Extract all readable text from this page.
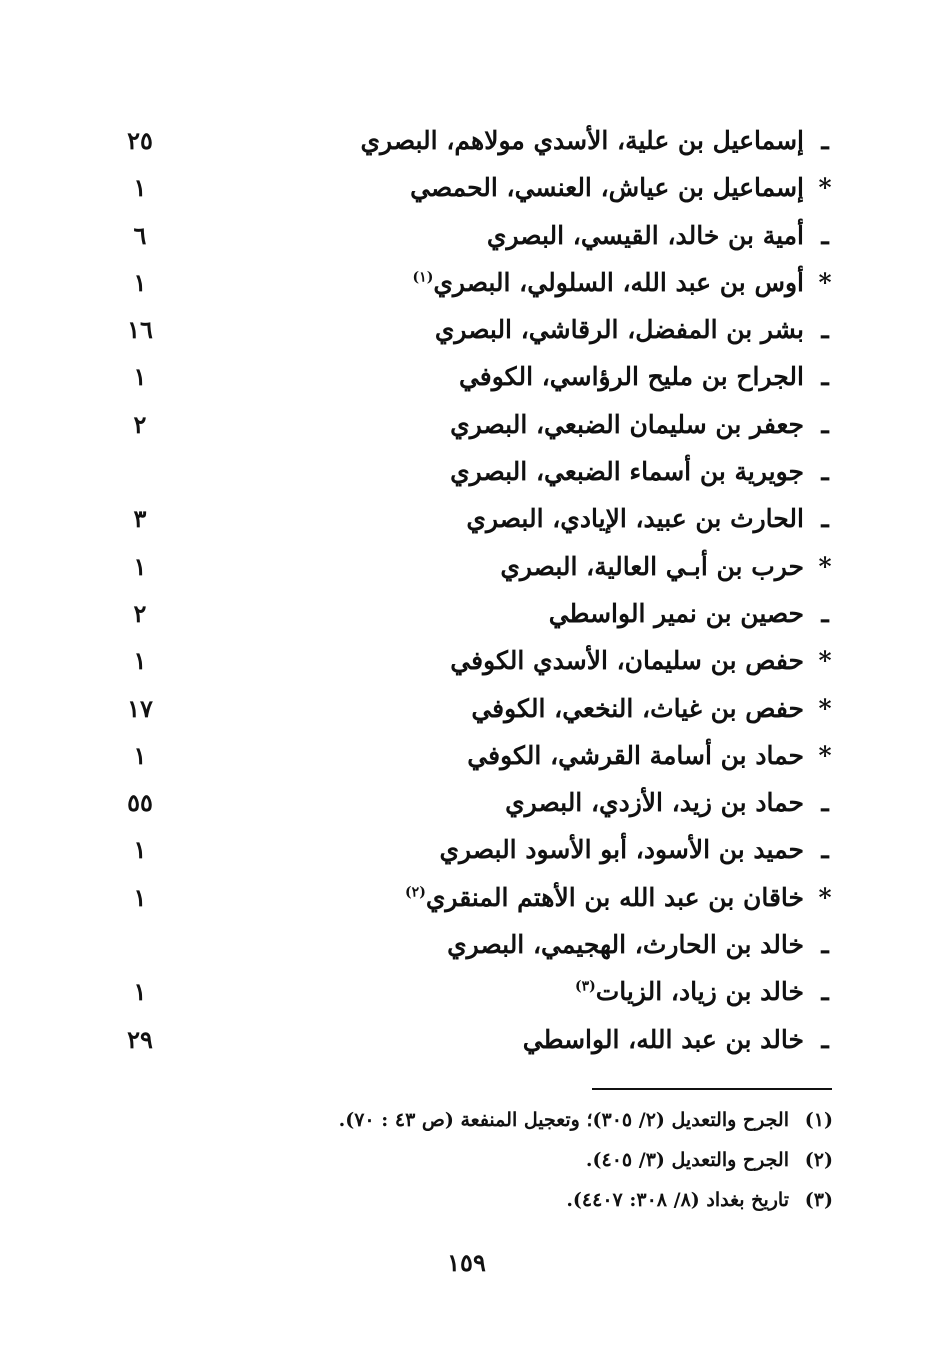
ـإسماعيل بن علية، الأسدي مولاهم، البصري
٢٥
*إسماعيل بن عياش، العنسي، الحمصي
١
ـأمية بن خالد، القيسي، البصري
٦
*أوس بن عبد الله، السلولي، البصري$^{(١)}$
١
ـبشر بن المفضل، الرقاشي، البصري
١٦
ـالجراح بن مليح الرؤاسي، الكوفي
١
ـجعفر بن سليمان الضبعي، البصري
٢
ـجويرية بن أسماء الضبعي، البصري
ـالحارث بن عبيد، الإيادي، البصري
٣
*حرب بن أبـي العالية، البصري
١
ـحصين بن نمير الواسطي
٢
*حفص بن سليمان، الأسدي الكوفي
١
*حفص بن غياث، النخعي، الكوفي
١٧
*حماد بن أسامة القرشي، الكوفي
١
ـحماد بن زيد، الأزدي، البصري
٥٥
ـحميد بن الأسود، أبو الأسود البصري
١
*خاقان بن عبد الله بن الأهتم المنقري$^{(٢)}$
١
ـخالد بن الحارث، الهجيمي، البصري
ـخالد بن زياد، الزيات$^{(٣)}$
١
ـخالد بن عبد الله، الواسطي
٢٩
(١)الجرح والتعديل (٢/ ٣٠٥)؛ وتعجيل المنفعة (ص ٤٣ : ٧٠).
(٢)الجرح والتعديل (٣/ ٤٠٥).
(٣)تاريخ بغداد (٨/ ٣٠٨: ٤٤٠٧).
١٥٩
